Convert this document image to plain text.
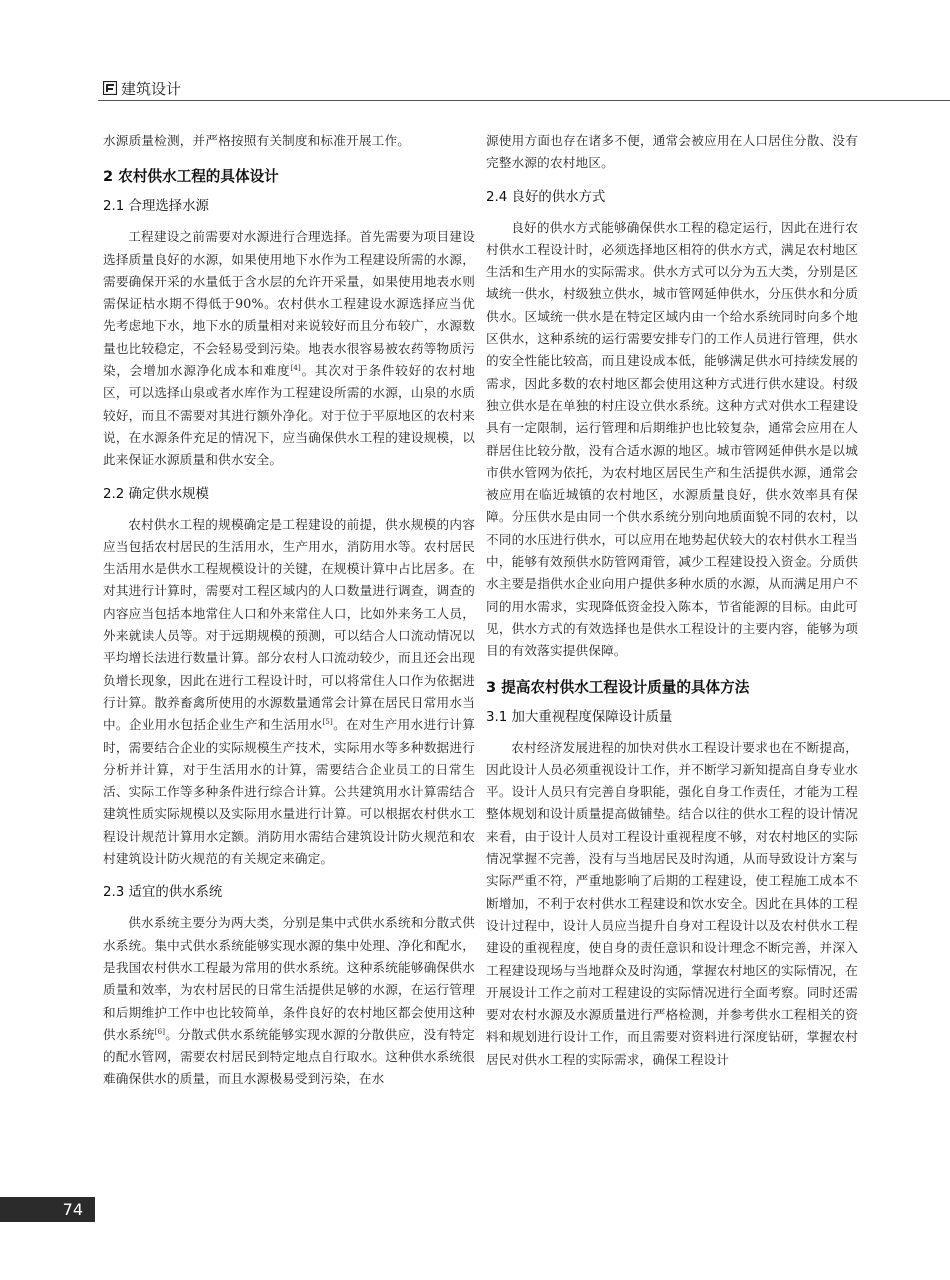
建筑设计

水源质量检测，并严格按照有关制度和标准开展工作。

2 农村供水工程的具体设计
2.1 合理选择水源

工程建设之前需要对水源进行合理选择。首先需要为项目建设选择质量良好的水源，如果使用地下水作为工程建设所需的水源，需要确保开采的水量低于含水层的允许开采量，如果使用地表水则需保证枯水期不得低于90%。农村供水工程建设水源选择应当优先考虑地下水，地下水的质量相对来说较好而且分布较广，水源数量也比较稳定，不会轻易受到污染。地表水很容易被农药等物质污染，会增加水源净化成本和难度[4]。其次对于条件较好的农村地区，可以选择山泉或者水库作为工程建设所需的水源，山泉的水质较好，而且不需要对其进行额外净化。对于位于平原地区的农村来说，在水源条件充足的情况下，应当确保供水工程的建设规模，以此来保证水源质量和供水安全。

2.2 确定供水规模

农村供水工程的规模确定是工程建设的前提，供水规模的内容应当包括农村居民的生活用水，生产用水，消防用水等。农村居民生活用水是供水工程规模设计的关键，在规模计算中占比居多。在对其进行计算时，需要对工程区域内的人口数量进行调查，调查的内容应当包括本地常住人口和外来常住人口，比如外来务工人员，外来就读人员等。对于远期规模的预测，可以结合人口流动情况以平均增长法进行数量计算。部分农村人口流动较少，而且还会出现负增长现象，因此在进行工程设计时，可以将常住人口作为依据进行计算。散养畜禽所使用的水源数量通常会计算在居民日常用水当中。企业用水包括企业生产和生活用水[5]。在对生产用水进行计算时，需要结合企业的实际规模生产技术，实际用水等多种数据进行分析并计算，对于生活用水的计算，需要结合企业员工的日常生活、实际工作等多种条件进行综合计算。公共建筑用水计算需结合建筑性质实际规模以及实际用水量进行计算。可以根据农村供水工程设计规范计算用水定额。消防用水需结合建筑设计防火规范和农村建筑设计防火规范的有关规定来确定。

2.3 适宜的供水系统

供水系统主要分为两大类，分别是集中式供水系统和分散式供水系统。集中式供水系统能够实现水源的集中处理、净化和配水，是我国农村供水工程最为常用的供水系统。这种系统能够确保供水质量和效率，为农村居民的日常生活提供足够的水源，在运行管理和后期维护工作中也比较简单，条件良好的农村地区都会使用这种供水系统[6]。分散式供水系统能够实现水源的分散供应，没有特定的配水管网，需要农村居民到特定地点自行取水。这种供水系统很难确保供水的质量，而且水源极易受到污染，在水

源使用方面也存在诸多不便，通常会被应用在人口居住分散、没有完整水源的农村地区。

2.4 良好的供水方式

良好的供水方式能够确保供水工程的稳定运行，因此在进行农村供水工程设计时，必须选择地区相符的供水方式，满足农村地区生活和生产用水的实际需求。供水方式可以分为五大类，分别是区域统一供水，村级独立供水，城市管网延伸供水，分压供水和分质供水。区域统一供水是在特定区域内由一个给水系统同时向多个地区供水，这种系统的运行需要安排专门的工作人员进行管理，供水的安全性能比较高，而且建设成本低，能够满足供水可持续发展的需求，因此多数的农村地区都会使用这种方式进行供水建设。村级独立供水是在单独的村庄设立供水系统。这种方式对供水工程建设具有一定限制，运行管理和后期维护也比较复杂，通常会应用在人群居住比较分散，没有合适水源的地区。城市管网延伸供水是以城市供水管网为依托，为农村地区居民生产和生活提供水源，通常会被应用在临近城镇的农村地区，水源质量良好，供水效率具有保障。分压供水是由同一个供水系统分别向地质面貌不同的农村，以不同的水压进行供水，可以应用在地势起伏较大的农村供水工程当中，能够有效预供水防管网甭管，减少工程建设投入资金。分质供水主要是指供水企业向用户提供多种水质的水源，从而满足用户不同的用水需求，实现降低资金投入陈本，节省能源的目标。由此可见，供水方式的有效选择也是供水工程设计的主要内容，能够为项目的有效落实提供保障。

3 提高农村供水工程设计质量的具体方法
3.1 加大重视程度保障设计质量

农村经济发展进程的加快对供水工程设计要求也在不断提高，因此设计人员必须重视设计工作，并不断学习新知提高自身专业水平。设计人员只有完善自身职能，强化自身工作责任，才能为工程整体规划和设计质量提高做铺垫。结合以往的供水工程的设计情况来看，由于设计人员对工程设计重视程度不够，对农村地区的实际情况掌握不完善，没有与当地居民及时沟通，从而导致设计方案与实际严重不符，严重地影响了后期的工程建设，使工程施工成本不断增加，不利于农村供水工程建设和饮水安全。因此在具体的工程设计过程中，设计人员应当提升自身对工程设计以及农村供水工程建设的重视程度，使自身的责任意识和设计理念不断完善，并深入工程建设现场与当地群众及时沟通，掌握农村地区的实际情况，在开展设计工作之前对工程建设的实际情况进行全面考察。同时还需要对农村水源及水源质量进行严格检测，并参考供水工程相关的资料和规划进行设计工作，而且需要对资料进行深度钻研，掌握农村居民对供水工程的实际需求，确保工程设计

74
